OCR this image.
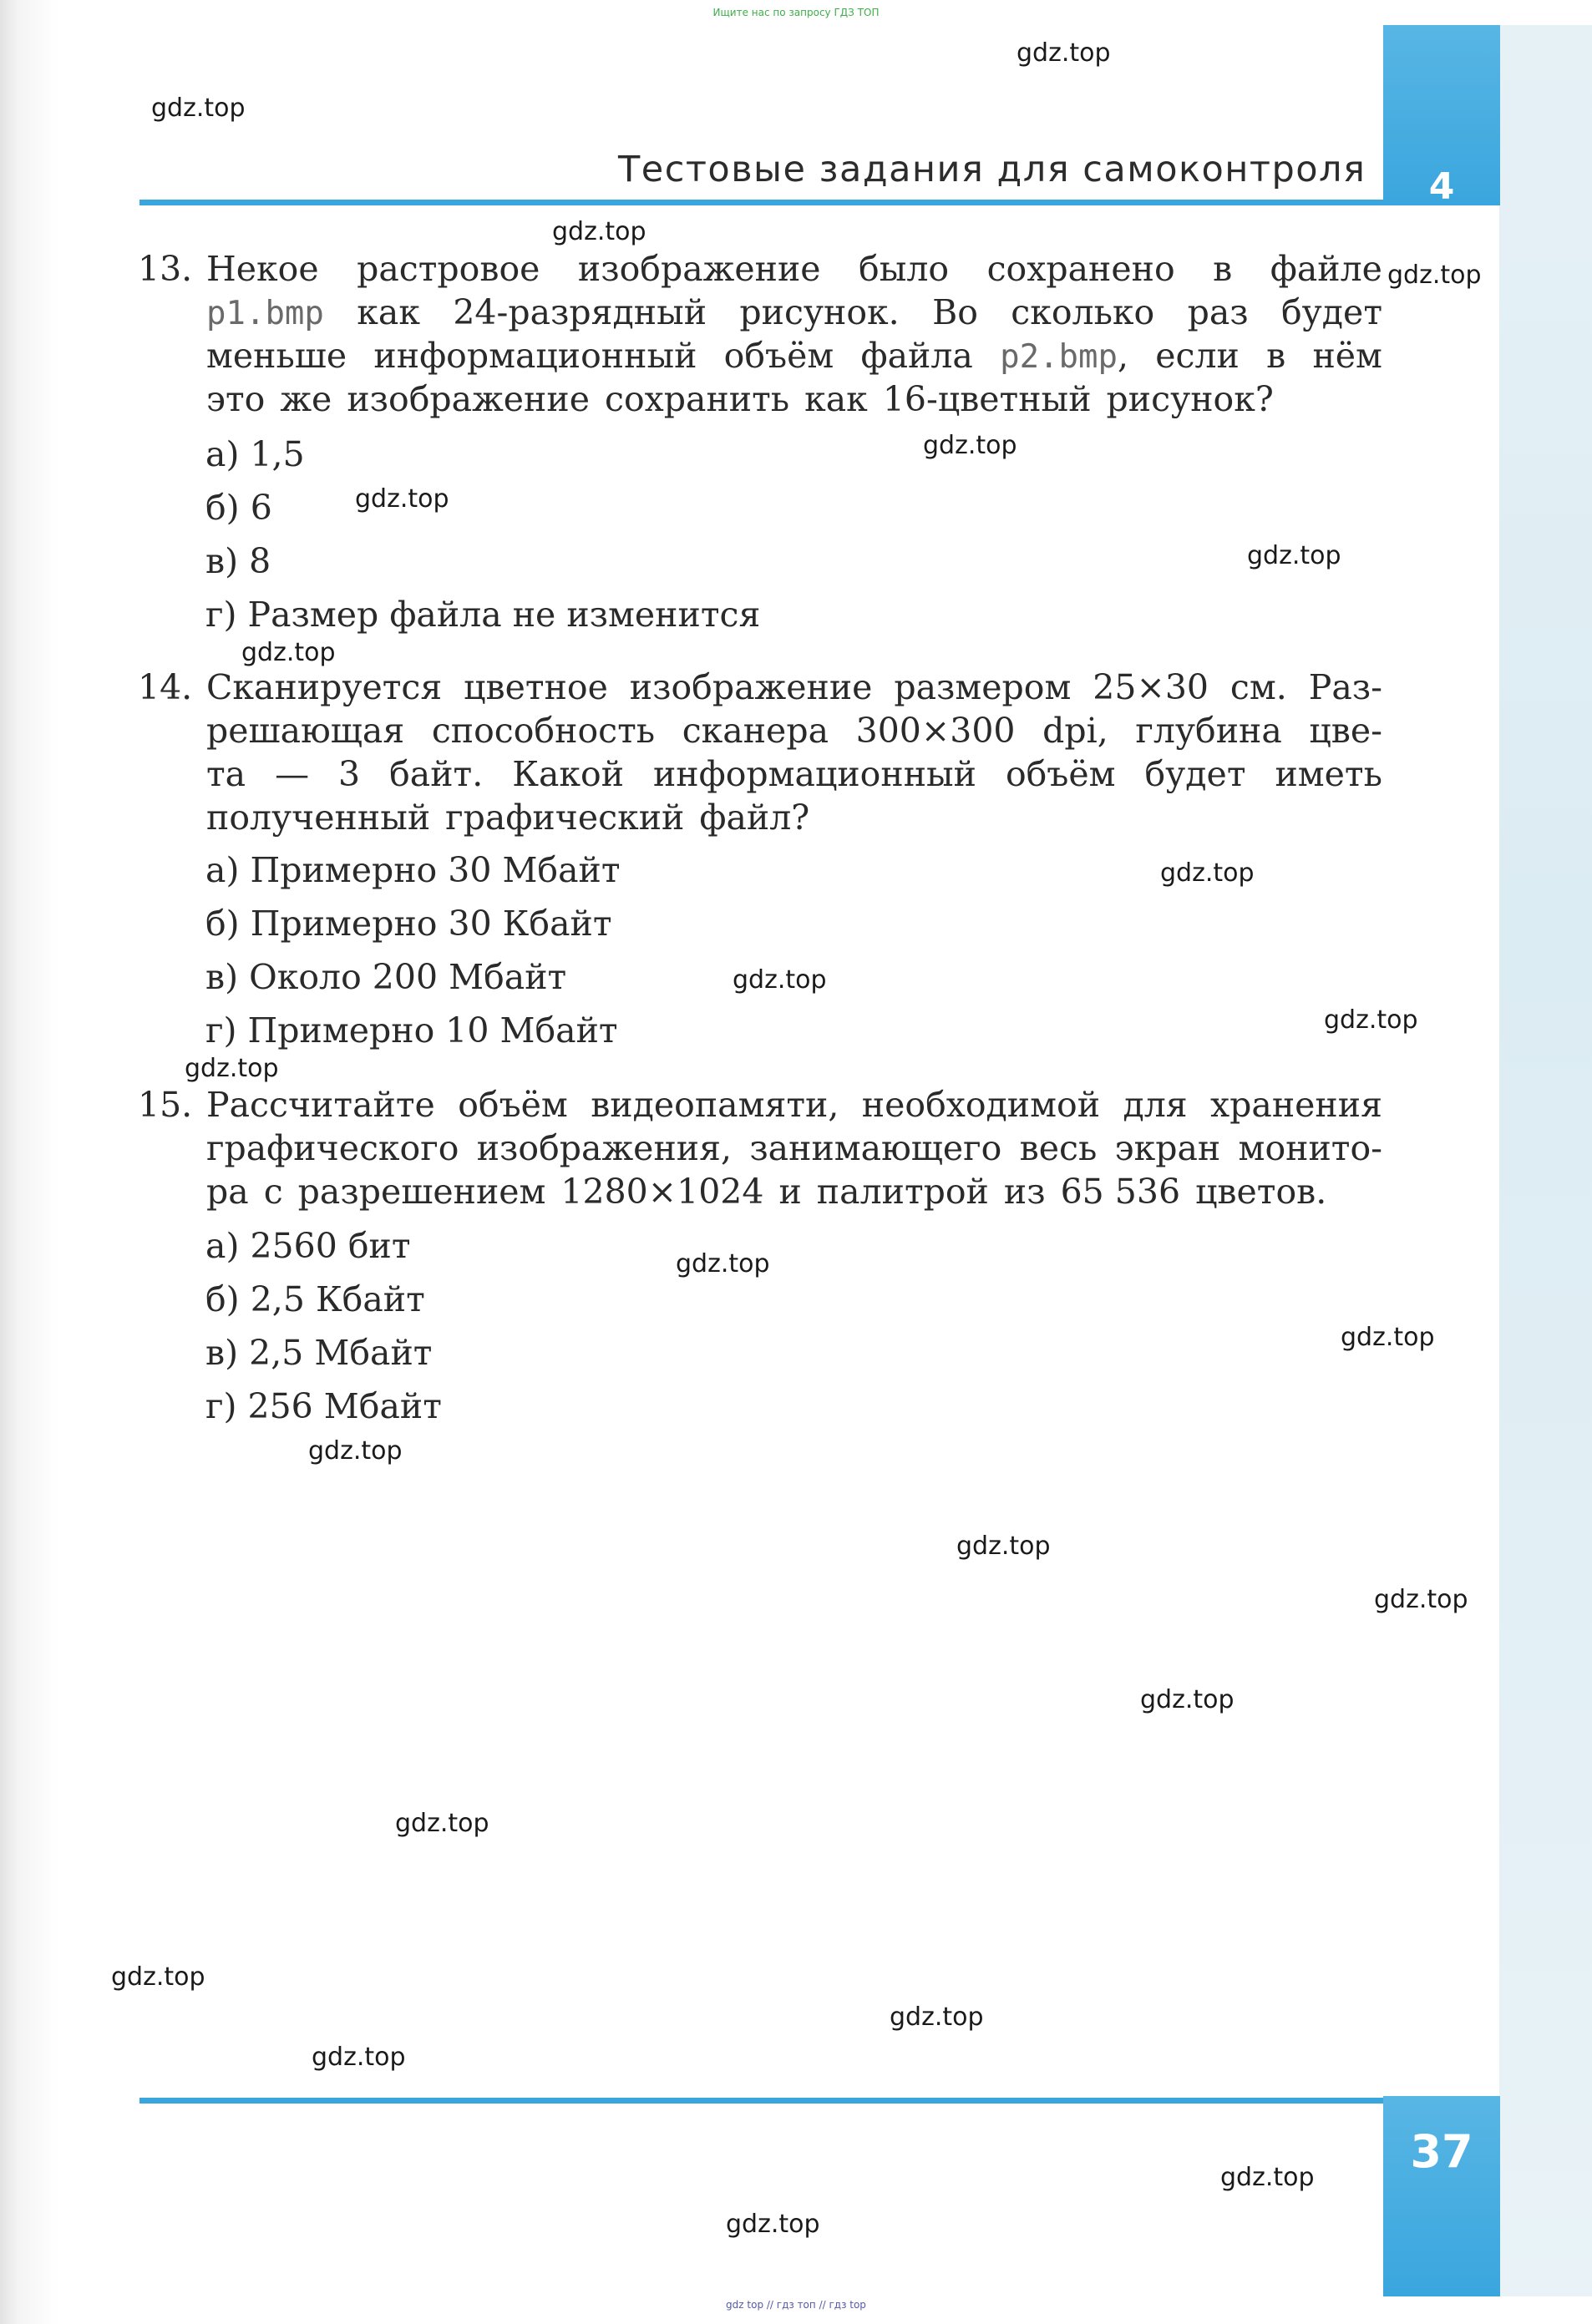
Ищите нас по запросу ГДЗ ТОП
4
Тестовые задания для самоконтроля
13. Некое растровое изображение было сохранено в файле
p1.bmp как 24-разрядный рисунок. Во сколько раз будет
меньше информационный объём файла p2.bmp, если в нём
это же изображение сохранить как 16-цветный рисунок?
а) 1,5
б) 6
в) 8
г) Размер файла не изменится
14. Сканируется цветное изображение размером 25×30 см. Раз-
решающая способность сканера 300×300 dpi, глубина цве-
та — 3 байт. Какой информационный объём будет иметь
полученный графический файл?
а) Примерно 30 Мбайт
б) Примерно 30 Кбайт
в) Около 200 Мбайт
г) Примерно 10 Мбайт
15. Рассчитайте объём видеопамяти, необходимой для хранения
графического изображения, занимающего весь экран монито-
ра с разрешением 1280×1024 и палитрой из 65 536 цветов.
а) 2560 бит
б) 2,5 Кбайт
в) 2,5 Мбайт
г) 256 Мбайт
37
gdz top // гдз топ // гдз top
gdz.top
gdz.top
gdz.top
gdz.top
gdz.top
gdz.top
gdz.top
gdz.top
gdz.top
gdz.top
gdz.top
gdz.top
gdz.top
gdz.top
gdz.top
gdz.top
gdz.top
gdz.top
gdz.top
gdz.top
gdz.top
gdz.top
gdz.top
gdz.top
